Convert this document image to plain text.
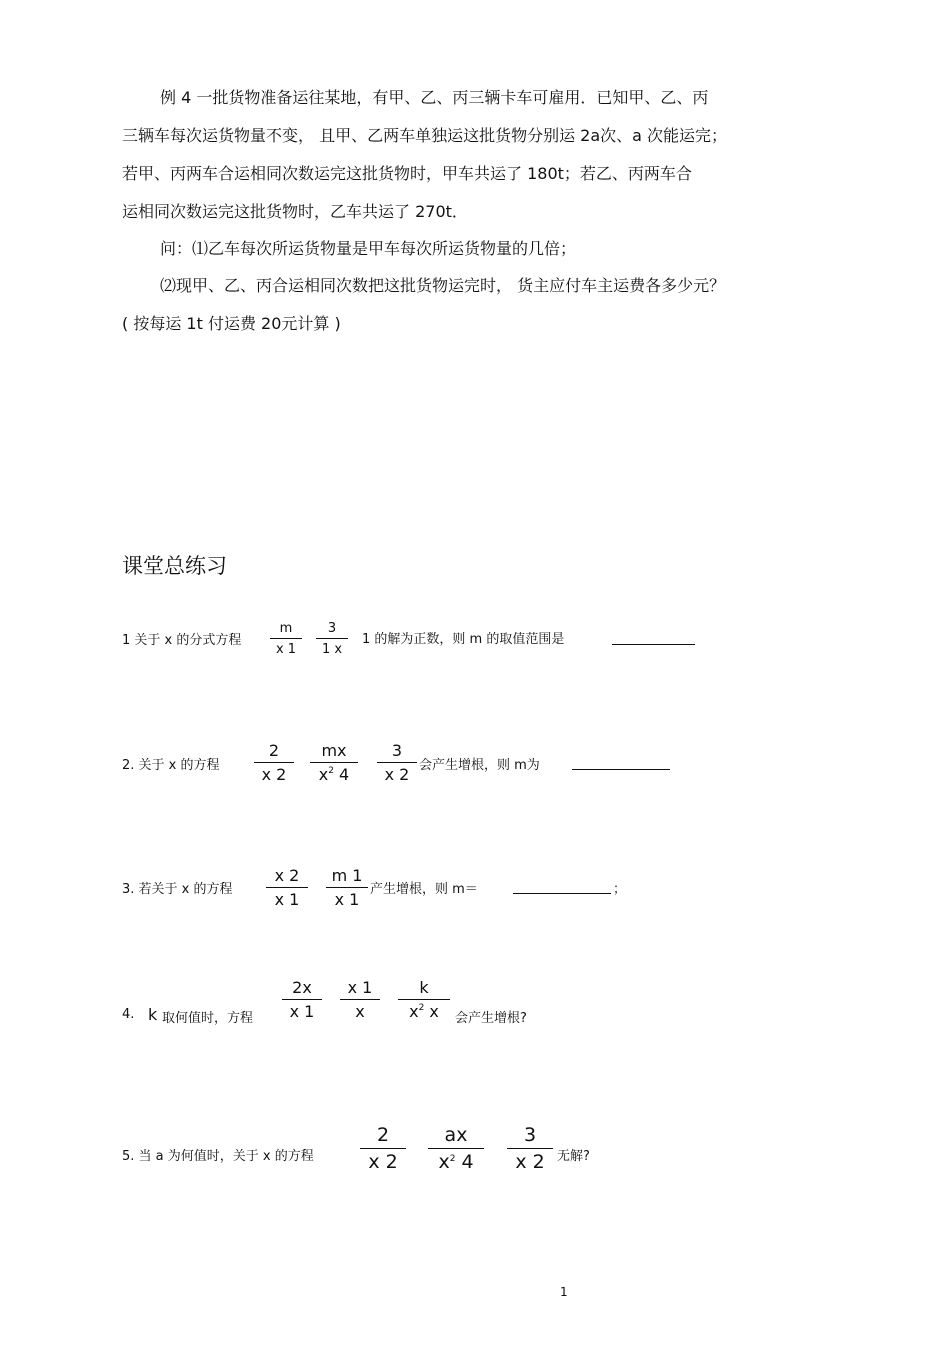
例 4 一批货物准备运往某地，有甲、乙、丙三辆卡车可雇用．已知甲、乙、丙
三辆车每次运货物量不变， 且甲、乙两车单独运这批货物分别运 2a次、a 次能运完；
若甲、丙两车合运相同次数运完这批货物时，甲车共运了 180t；若乙、丙两车合
运相同次数运完这批货物时，乙车共运了 270t．
问：⑴乙车每次所运货物量是甲车每次所运货物量的几倍；
⑵现甲、乙、丙合运相同次数把这批货物运完时， 货主应付车主运费各多少元？
( 按每运 1t 付运费 20元计算 )
课堂总练习
1 关于 x 的分式方程
m
x 1
3
1 x
1 的解为正数，则 m 的取值范围是
2. 关于 x 的方程
2
x 2
mx
$x^2$ 4
3
x 2 会产生增根，则 m为
3. 若关于 x 的方程
x 2
x 1
m 1
x 1
产生增根，则 m＝	；
4. k 取何值时，方程
2x
x 1
x 1
x
k
$x^2$ x	会产生增根?
5. 当 a 为何值时，关于 x 的方程
2
x 2
ax
$x^2$ 4
3
x 2 无解?
1
